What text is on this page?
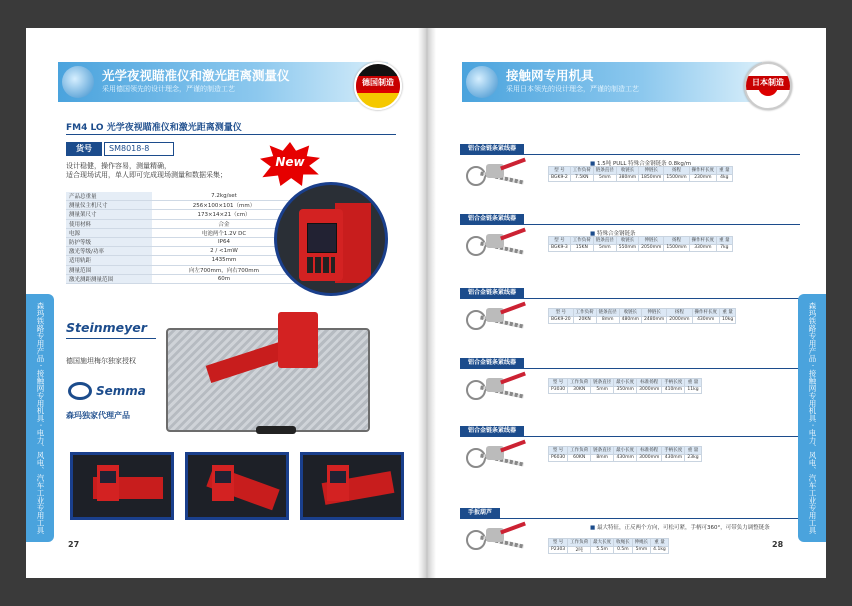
光学夜视瞄准仪和激光距离测量仪
采用德国领先的设计理念，严谨的制造工艺
德国制造
FM4 LO 光学夜视瞄准仪和激光距离测量仪
货号	SM8018-8
设计稳健，操作容易，测量精确，
适合现场试用，单人即可完成现场测量和数据采集；
产品总重量	7.2kg/set
测量仪主机尺寸	256×100×101（mm）
测量架尺寸	173×14×21（cm）
使用材料	合金
电源	电池两个1.2V DC
防护等级	IP64
激光等级/功率	2 / <1mW
适用轨距	1435mm
测量范围	向左700mm，向右700mm
激光测距测量范围	60m
New
Steinmeyer
德国施坦梅尔独家授权
Semma
森玛独家代理产品
森玛铁路专用产品 · 接触网专用机具 · 电力、风电、汽车工业专用工具
27
接触网专用机具
采用日本领先的设计理念，严谨的制造工艺
日本制造
铝合金链条紧线器
■ 1.5吨 PULL 特殊合金钢链条 0.8kg/m
型 号	工作负荷	链条直径	收链长	伸链长	扬程	操作杆长度	重 量
BGK9-2	7.5KN	5mm	380mm	1850mm	1500mm	230mm	4kg
铝合金链条紧线器
■ 特殊合金钢链条
型 号	工作负荷	链条直径	收链长	伸链长	扬程	操作杆长度	重 量
BGK9-3	15KN	5mm	550mm	2050mm	1500mm	330mm	7kg
铝合金链条紧线器
型 号	工作负荷	链条直径	收链长	伸链长	扬程	操作杆长度	重 量
BGK9-20	20KN	8mm	480mm	2480mm	2000mm	430mm	10kg
铝合金链条紧线器
型 号	工作负荷	链条直径	最小长度	标准扬程	手柄长度	重 量
P3030	30KN	5mm	350mm	3000mm	410mm	11kg
铝合金链条紧线器
型 号	工作负荷	链条直径	最小长度	标准扬程	手柄长度	重 量
P6030	60KN	8mm	430mm	3000mm	430mm	23kg
手扳葫芦
■ 最大特征，正反两个方向，可松可紧，手柄可360°，可带负力调整链条
型 号	工作负荷	最大长度	收绳长	伸绳长	重 量
P2303	2吨	5.5m	0.5m	5mm	4.1kg
森玛铁路专用产品 · 接触网专用机具 · 电力、风电、汽车工业专用工具
28
